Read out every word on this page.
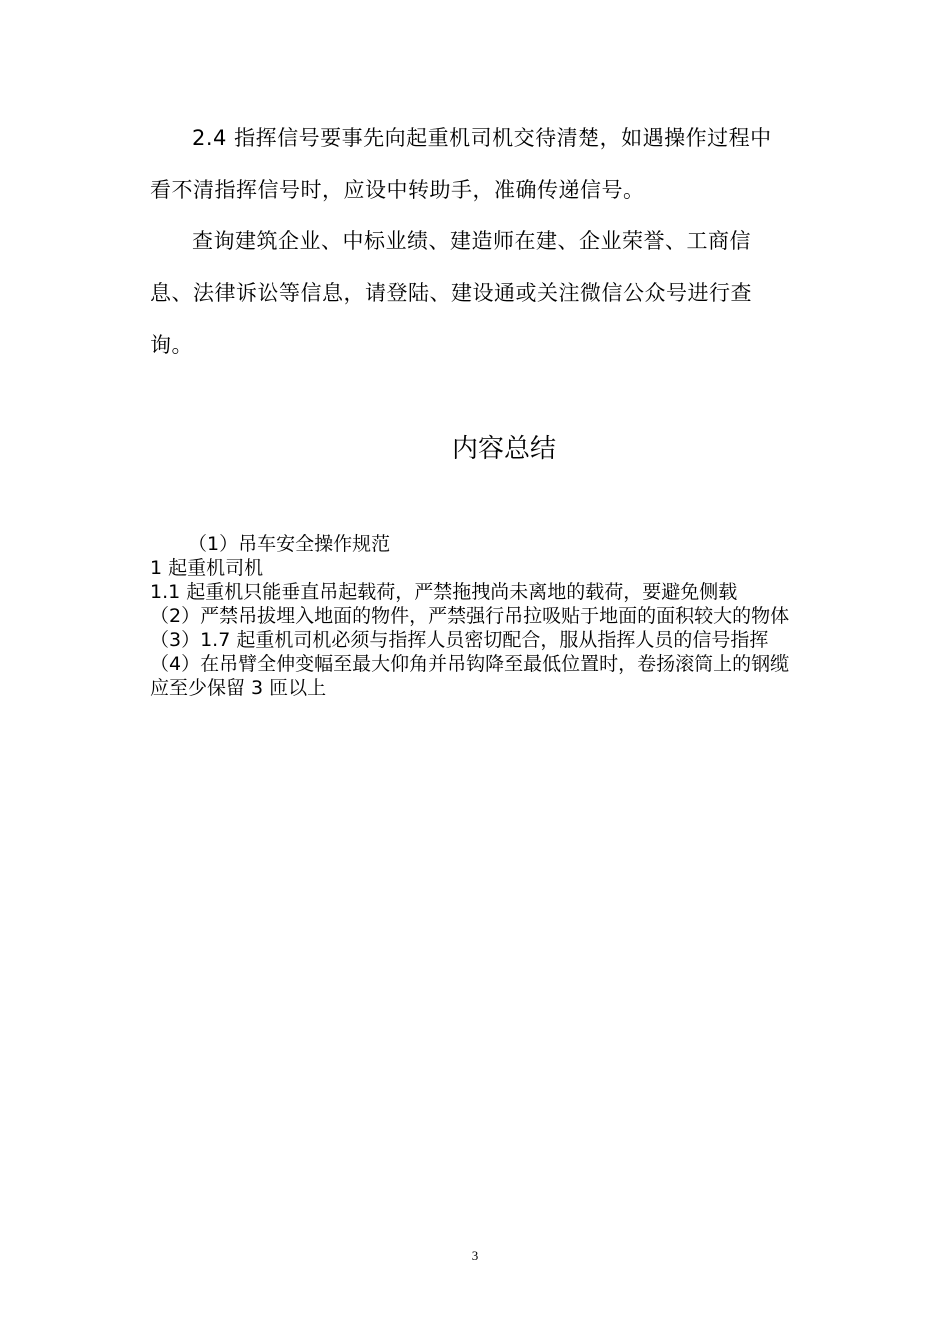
2.4 指挥信号要事先向起重机司机交待清楚，如遇操作过程中看不清指挥信号时，应设中转助手，准确传递信号。

查询建筑企业、中标业绩、建造师在建、企业荣誉、工商信息、法律诉讼等信息，请登陆、建设通或关注微信公众号进行查询。

内容总结

（1）吊车安全操作规范

1 起重机司机

1.1 起重机只能垂直吊起载荷，严禁拖拽尚未离地的载荷，要避免侧载

（2）严禁吊拔埋入地面的物件，严禁强行吊拉吸贴于地面的面积较大的物体

（3）1.7 起重机司机必须与指挥人员密切配合，服从指挥人员的信号指挥

（4）在吊臂全伸变幅至最大仰角并吊钩降至最低位置时，卷扬滚筒上的钢缆应至少保留 3 匝以上

3
